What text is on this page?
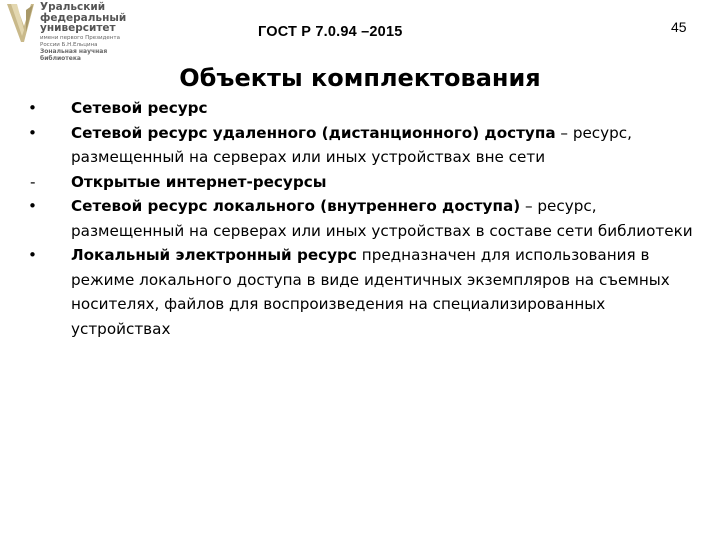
Уральский
федеральный
университет
имени первого Президента России Б.Н.Ельцина
Зональная научная библиотека
ГОСТ Р 7.0.94 –2015	45
Объекты комплектования
•	Сетевой ресурс
•	Сетевой ресурс удаленного (дистанционного) доступа – ресурс, размещенный на серверах или иных устройствах вне сети
-	Открытые интернет-ресурсы
•	Сетевой ресурс локального (внутреннего доступа) – ресурс, размещенный на серверах или иных устройствах в составе сети библиотеки
•	Локальный электронный ресурс предназначен для использования в режиме локального доступа в виде идентичных экземпляров на съемных носителях, файлов для воспроизведения на специализированных устройствах
